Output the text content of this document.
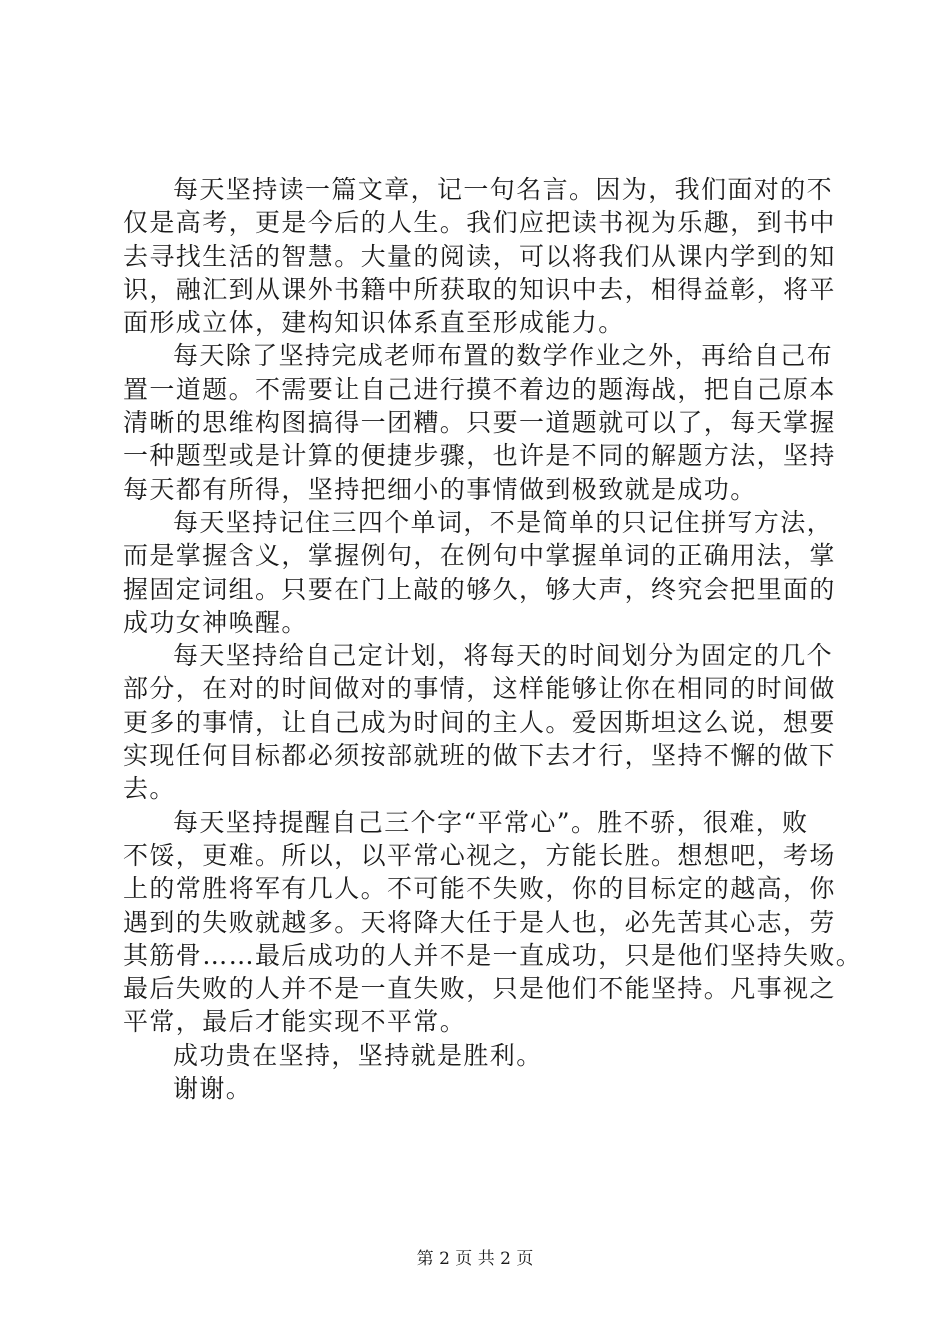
每天坚持读一篇文章，记一句名言。因为，我们面对的不
仅是高考，更是今后的人生。我们应把读书视为乐趣，到书中
去寻找生活的智慧。大量的阅读，可以将我们从课内学到的知
识，融汇到从课外书籍中所获取的知识中去，相得益彰，将平
面形成立体，建构知识体系直至形成能力。
每天除了坚持完成老师布置的数学作业之外，再给自己布
置一道题。不需要让自己进行摸不着边的题海战，把自己原本
清晰的思维构图搞得一团糟。只要一道题就可以了，每天掌握
一种题型或是计算的便捷步骤，也许是不同的解题方法，坚持
每天都有所得，坚持把细小的事情做到极致就是成功。
每天坚持记住三四个单词，不是简单的只记住拼写方法，
而是掌握含义，掌握例句，在例句中掌握单词的正确用法，掌
握固定词组。只要在门上敲的够久，够大声，终究会把里面的
成功女神唤醒。
每天坚持给自己定计划，将每天的时间划分为固定的几个
部分，在对的时间做对的事情，这样能够让你在相同的时间做
更多的事情，让自己成为时间的主人。爱因斯坦这么说，想要
实现任何目标都必须按部就班的做下去才行，坚持不懈的做下
去。
每天坚持提醒自己三个字“平常心”。胜不骄，很难，败
不馁，更难。所以，以平常心视之，方能长胜。想想吧，考场
上的常胜将军有几人。不可能不失败，你的目标定的越高，你
遇到的失败就越多。天将降大任于是人也，必先苦其心志，劳
其筋骨……最后成功的人并不是一直成功，只是他们坚持失败。
最后失败的人并不是一直失败，只是他们不能坚持。凡事视之
平常，最后才能实现不平常。
成功贵在坚持，坚持就是胜利。
谢谢。
第 2 页 共 2 页
